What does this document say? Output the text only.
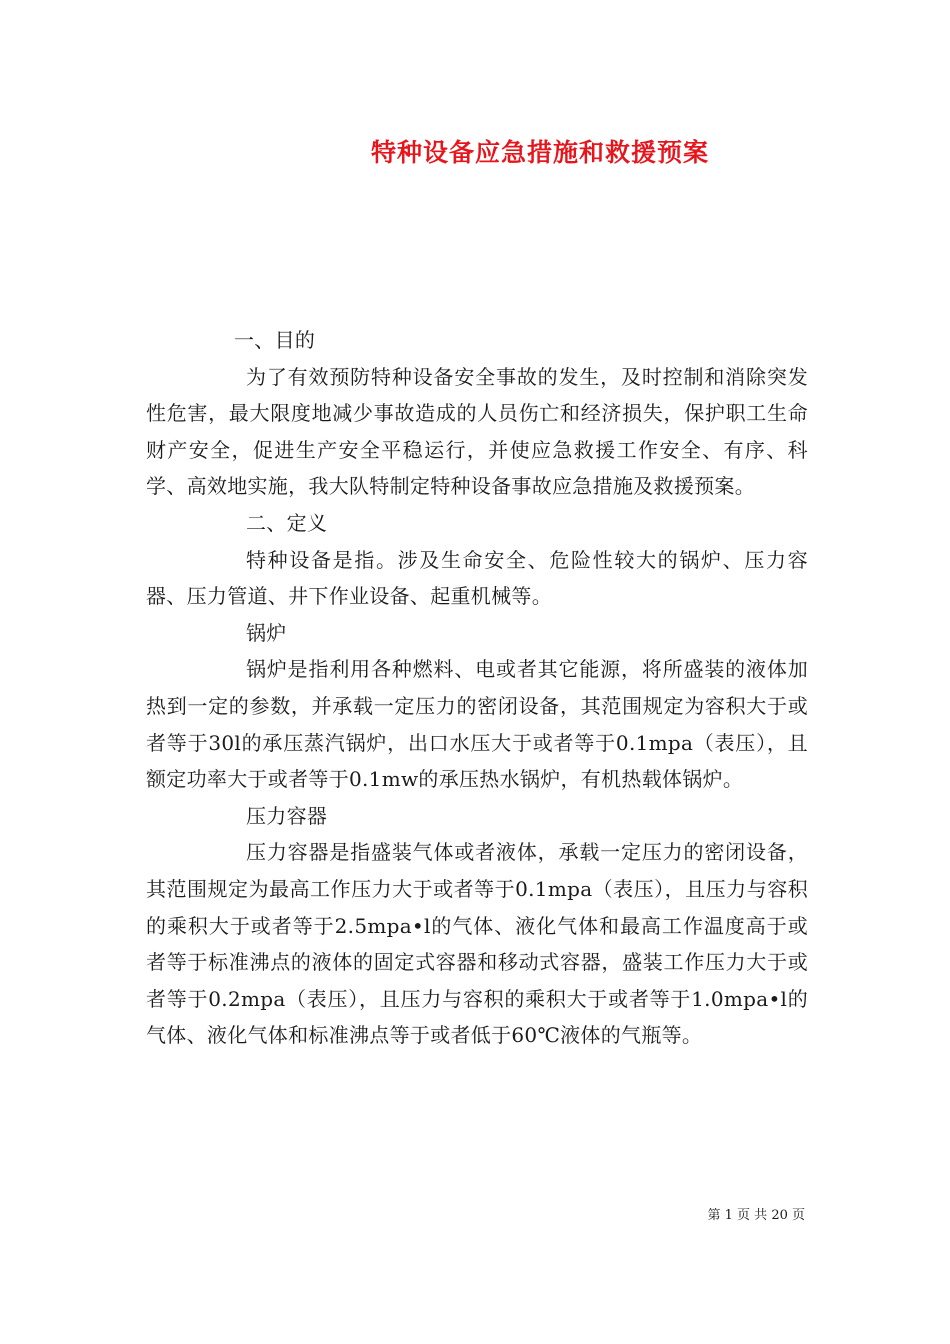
特种设备应急措施和救援预案

一、目的

为了有效预防特种设备安全事故的发生，及时控制和消除突发性危害，最大限度地减少事故造成的人员伤亡和经济损失，保护职工生命财产安全，促进生产安全平稳运行，并使应急救援工作安全、有序、科学、高效地实施，我大队特制定特种设备事故应急措施及救援预案。

二、定义

特种设备是指。涉及生命安全、危险性较大的锅炉、压力容器、压力管道、井下作业设备、起重机械等。

锅炉

锅炉是指利用各种燃料、电或者其它能源，将所盛装的液体加热到一定的参数，并承载一定压力的密闭设备，其范围规定为容积大于或者等于30l的承压蒸汽锅炉，出口水压大于或者等于0.1mpa（表压），且额定功率大于或者等于0.1mw的承压热水锅炉，有机热载体锅炉。

压力容器

压力容器是指盛装气体或者液体，承载一定压力的密闭设备，其范围规定为最高工作压力大于或者等于0.1mpa（表压），且压力与容积的乘积大于或者等于2.5mpa•l的气体、液化气体和最高工作温度高于或者等于标准沸点的液体的固定式容器和移动式容器，盛装工作压力大于或者等于0.2mpa（表压），且压力与容积的乘积大于或者等于1.0mpa•l的气体、液化气体和标准沸点等于或者低于60℃液体的气瓶等。

第 1 页 共 20 页
